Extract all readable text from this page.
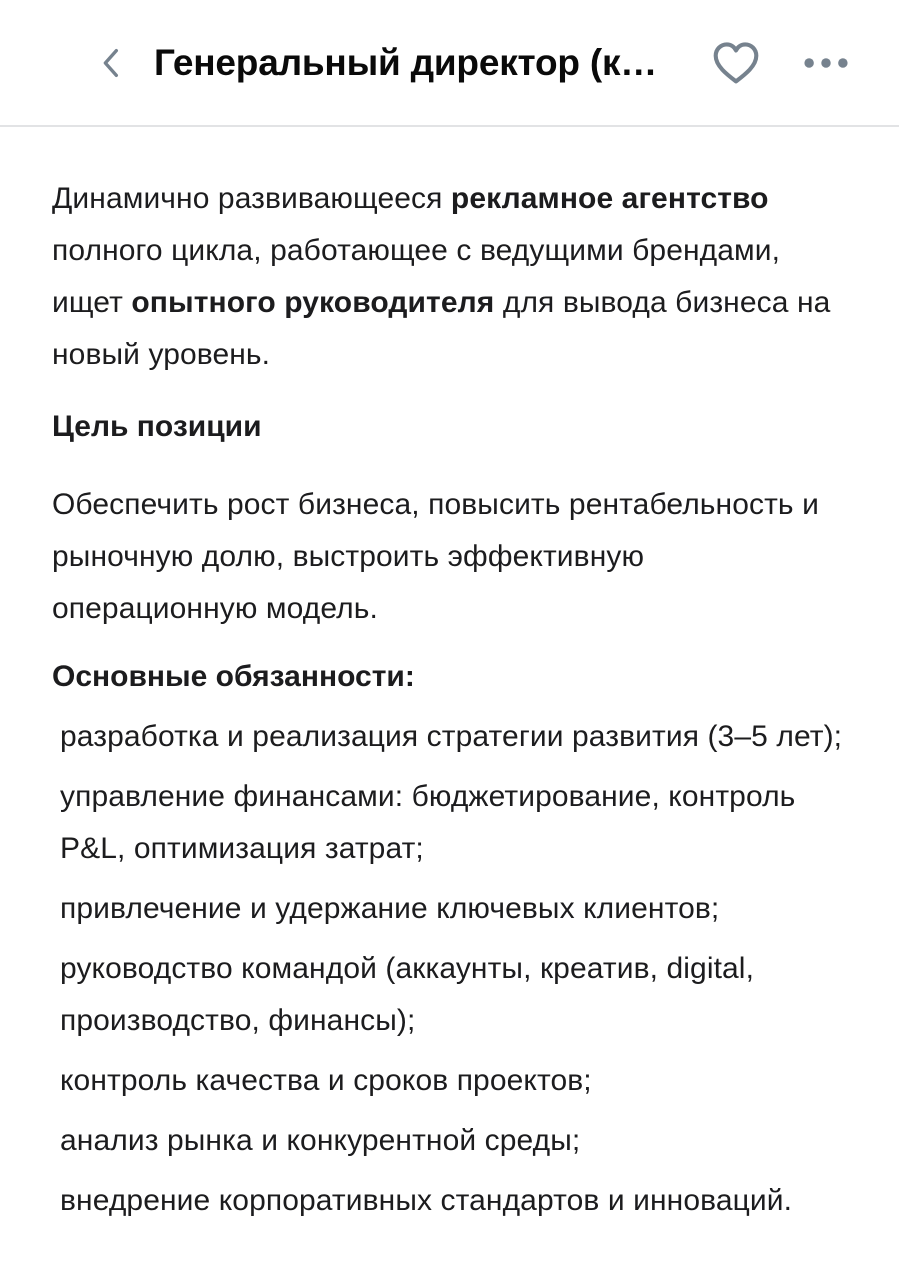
Генеральный директор (к…

Динамично развивающееся рекламное агентство полного цикла, работающее с ведущими брендами, ищет опытного руководителя для вывода бизнеса на новый уровень.

Цель позиции

Обеспечить рост бизнеса, повысить рентабельность и рыночную долю, выстроить эффективную операционную модель.

Основные обязанности:
разработка и реализация стратегии развития (3–5 лет);
управление финансами: бюджетирование, контроль P&L, оптимизация затрат;
привлечение и удержание ключевых клиентов;
руководство командой (аккаунты, креатив, digital, производство, финансы);
контроль качества и сроков проектов;
анализ рынка и конкурентной среды;
внедрение корпоративных стандартов и инноваций.
